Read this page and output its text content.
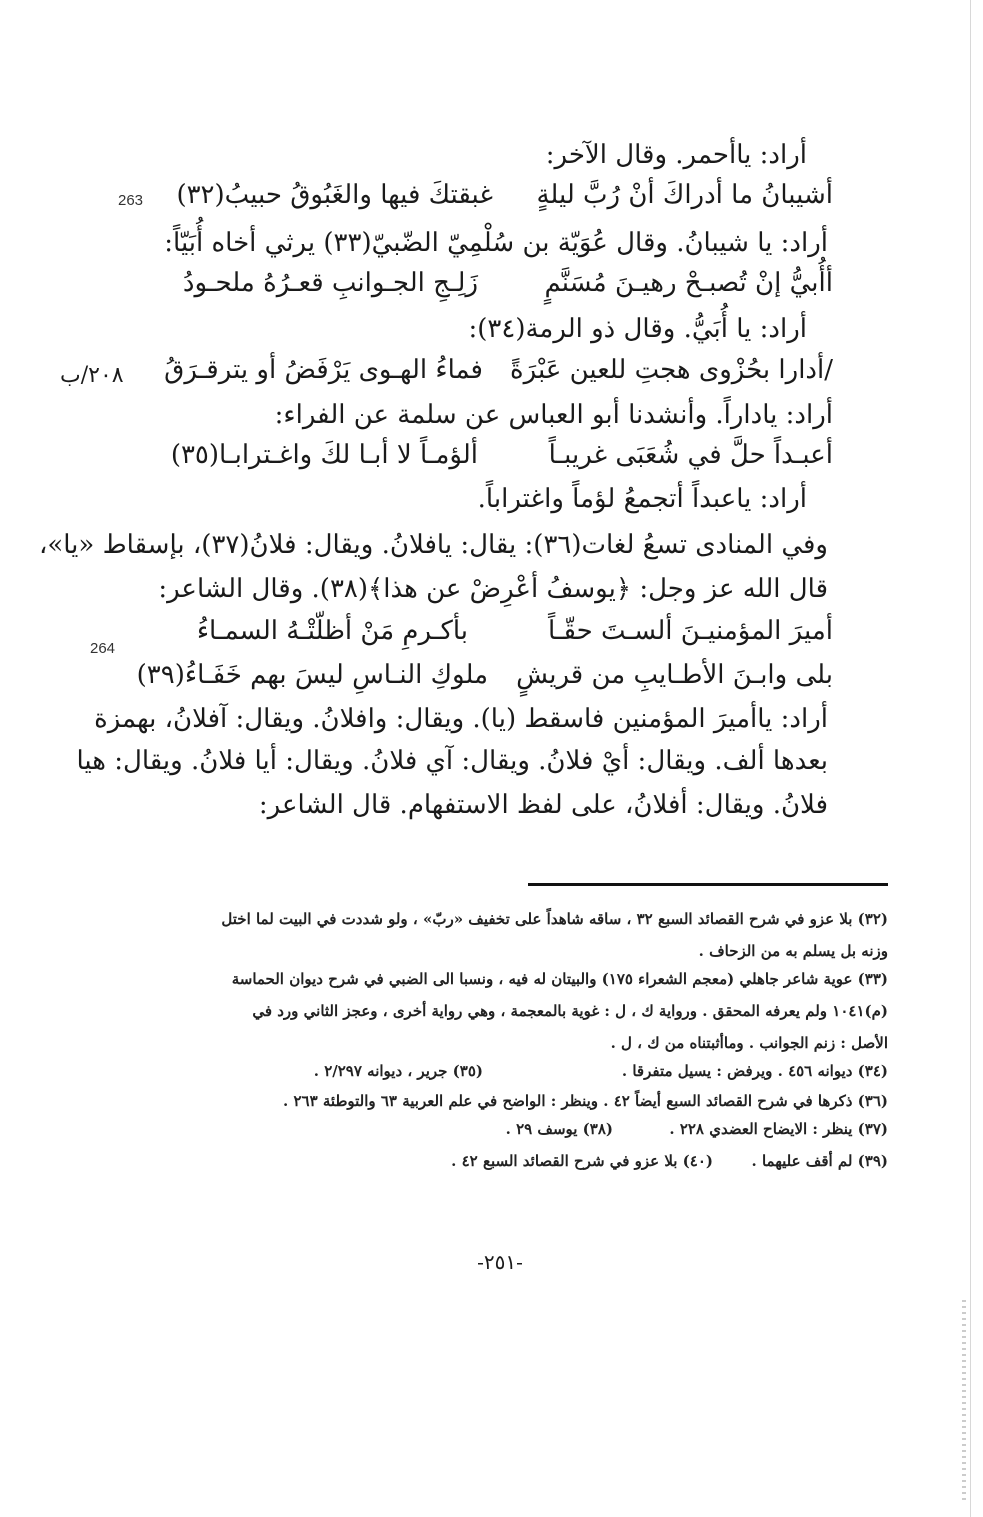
263
264
٢٠٨/ب
أراد: ياأحمر. وقال الآخر:
أشيبانُ ما أدراكَ أنْ رُبَّ ليلةٍ
غبقتكَ فيها والغَبُوقُ حبيبُ(٣٢)
أراد: يا شيبانُ. وقال عُوَيّة بن سُلْمِيّ الضّبيّ(٣٣) يرثي أخاه أُبَيّاً:
أأُبيُّ إنْ تُصبـحْ رهيـنَ مُسَنَّمٍ
زَلِـجِ الجـوانبِ قعـرُهُ ملحـودُ
أراد: يا أُبَيُّ. وقال ذو الرمة(٣٤):
/أدارا بحُزْوى هجتِ للعين عَبْرَةً
فماءُ الهـوى يَرْفَضُ أو يترقـرَقُ
أراد: ياداراً. وأنشدنا أبو العباس عن سلمة عن الفراء:
أعبـداً حلَّ في شُعَبَى غريبـاً
ألؤمـاً لا أبـا لكَ واغـترابـا(٣٥)
أراد: ياعبداً أتجمعُ لؤماً واغتراباً.
وفي المنادى تسعُ لغات(٣٦): يقال: يافلانُ. ويقال: فلانُ(٣٧)، بإسقاط «يا»،
قال الله عز وجل: ﴿يوسفُ أعْرِضْ عن هذا﴾(٣٨). وقال الشاعر:
أميرَ المؤمنيـنَ ألسـتَ حقّـاً
بأكـرمِ مَنْ أظلّتْـهُ السمـاءُ
بلى وابـنَ الأطـايبِ من قريشٍ
ملوكِ النـاسِ ليسَ بهم خَفَـاءُ(٣٩)
أراد: ياأميرَ المؤمنين فاسقط (يا). ويقال: وافلانُ. ويقال: آفلانُ، بهمزة
بعدها ألف. ويقال: أيْ فلانُ. ويقال: آي فلانُ. ويقال: أيا فلانُ. ويقال: هيا
فلانُ. ويقال: أفلانُ، على لفظ الاستفهام. قال الشاعر:
(٣٢) بلا عزو في شرح القصائد السبع ٣٢ ، ساقه شاهداً على تخفيف «ربّ» ، ولو شددت في البيت لما اختل
وزنه بل يسلم به من الزحاف .
(٣٣) عوية شاعر جاهلي (معجم الشعراء ١٧٥) والبيتان له فيه ، ونسبا الى الضبي في شرح ديوان الحماسة
(م)١٠٤١ ولم يعرفه المحقق . ورواية ك ، ل : غوية بالمعجمة ، وهي رواية أخرى ، وعجز الثاني ورد في
الأصل : زنم الجوانب . وماأثبتناه من ك ، ل .
(٣٤) ديوانه ٤٥٦ . ويرفض : يسيل متفرقا .
(٣٥) جرير ، ديوانه ٢/٢٩٧ .
(٣٦) ذكرها في شرح القصائد السبع أيضاً ٤٢ . وينظر : الواضح في علم العربية ٦٣ والتوطئة ٢٦٣ .
(٣٧) ينظر : الايضاح العضدي ٢٢٨ .
(٣٨) يوسف ٢٩ .
(٣٩) لم أقف عليهما .
(٤٠) بلا عزو في شرح القصائد السبع ٤٢ .
-٢٥١-
